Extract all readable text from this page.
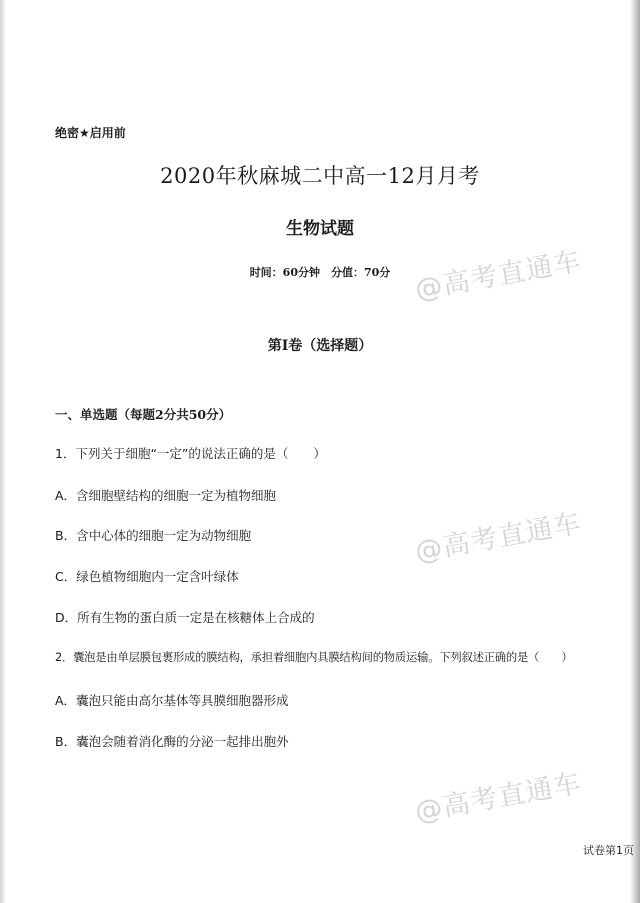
绝密★启用前
2020年秋麻城二中高一12月月考
生物试题
时间：60分钟　分值：70分
第I卷（选择题）
一、单选题（每题2分共50分）
1．下列关于细胞“一定”的说法正确的是（　　）
A．含细胞壁结构的细胞一定为植物细胞
B．含中心体的细胞一定为动物细胞
C．绿色植物细胞内一定含叶绿体
D．所有生物的蛋白质一定是在核糖体上合成的
2．囊泡是由单层膜包裹形成的膜结构，承担着细胞内具膜结构间的物质运输。下列叙述正确的是（　　）
A．囊泡只能由高尔基体等具膜细胞器形成
B．囊泡会随着消化酶的分泌一起排出胞外
试卷第1页
@高考直通车
@高考直通车
@高考直通车
